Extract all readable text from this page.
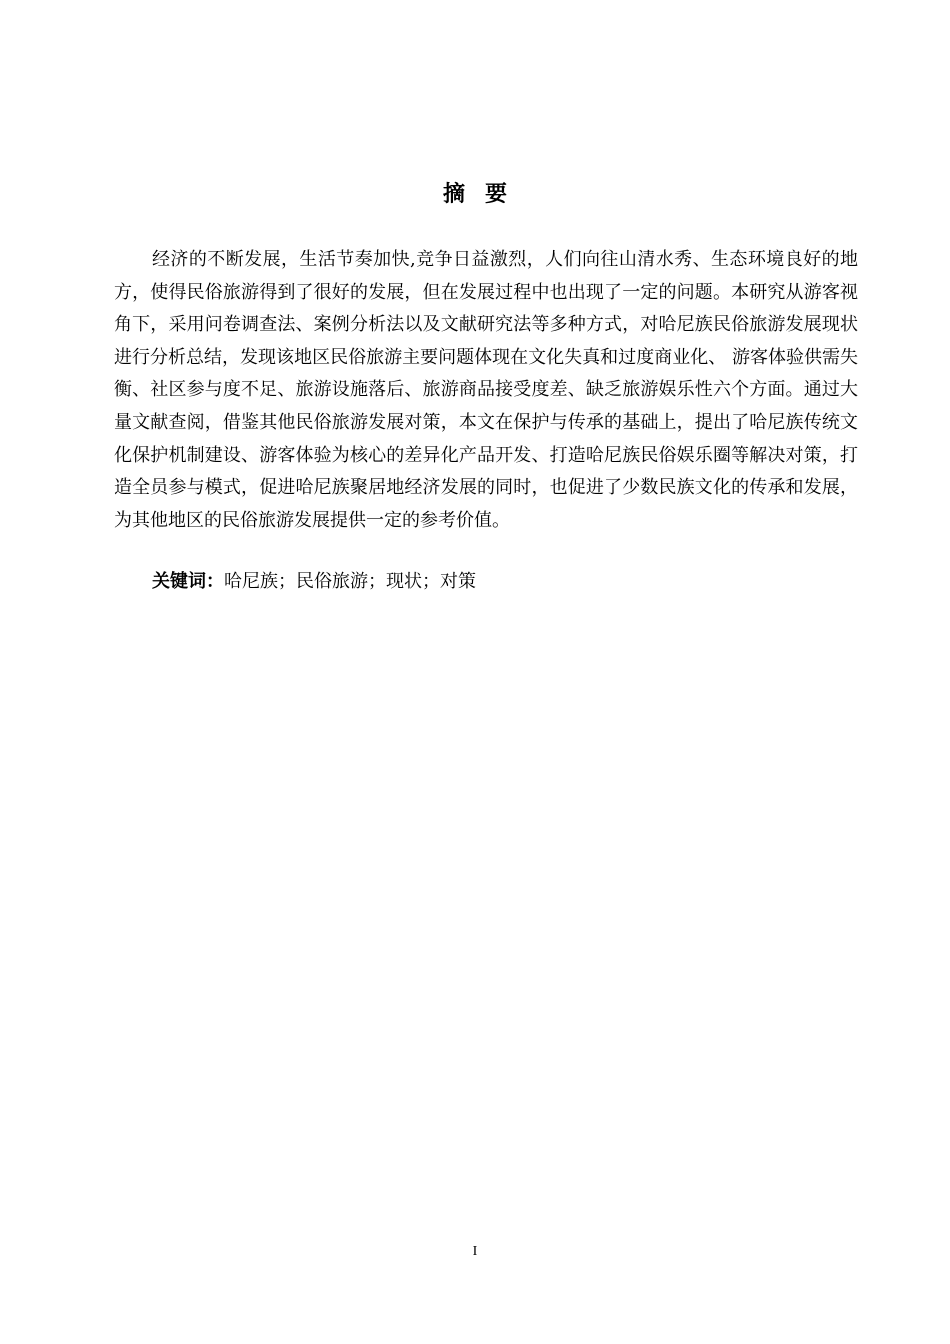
摘要

经济的不断发展，生活节奏加快,竞争日益激烈，人们向往山清水秀、生态环境良好的地方，使得民俗旅游得到了很好的发展，但在发展过程中也出现了一定的问题。本研究从游客视角下，采用问卷调查法、案例分析法以及文献研究法等多种方式，对哈尼族民俗旅游发展现状进行分析总结，发现该地区民俗旅游主要问题体现在文化失真和过度商业化、 游客体验供需失衡、社区参与度不足、旅游设施落后、旅游商品接受度差、缺乏旅游娱乐性六个方面。通过大量文献查阅，借鉴其他民俗旅游发展对策，本文在保护与传承的基础上，提出了哈尼族传统文化保护机制建设、游客体验为核心的差异化产品开发、打造哈尼族民俗娱乐圈等解决对策，打造全员参与模式，促进哈尼族聚居地经济发展的同时，也促进了少数民族文化的传承和发展，为其他地区的民俗旅游发展提供一定的参考价值。

关键词：哈尼族；民俗旅游；现状；对策
I
